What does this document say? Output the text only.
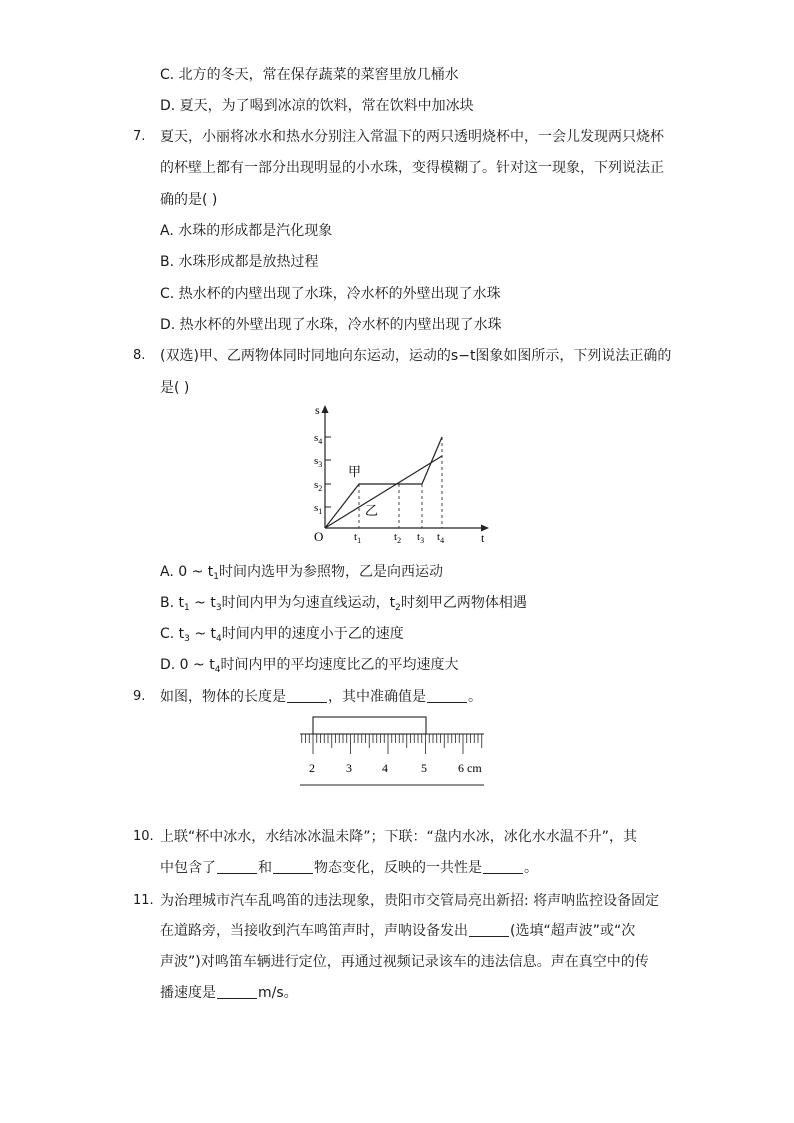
C. 北方的冬天，常在保存蔬菜的菜窖里放几桶水
D. 夏天，为了喝到冰凉的饮料，常在饮料中加冰块
7. 夏天，小丽将冰水和热水分别注入常温下的两只透明烧杯中，一会儿发现两只烧杯
的杯壁上都有一部分出现明显的小水珠，变得模糊了。针对这一现象，下列说法正
确的是( )
A. 水珠的形成都是汽化现象
B. 水珠形成都是放热过程
C. 热水杯的内壁出现了水珠，冷水杯的外壁出现了水珠
D. 热水杯的外壁出现了水珠，冷水杯的内壁出现了水珠
8. (双选)甲、乙两物体同时同地向东运动，运动的s−t图象如图所示，下列说法正确的
是( )
s
t
O
$s_1$
$s_2$
$s_3$
$s_4$
甲
乙
$t_1$	$t_2$ $t_3$ $t_4$
A. 0 ~ $t_1$时间内选甲为参照物，乙是向西运动
B. $t_1$ ~ $t_3$时间内甲为匀速直线运动，$t_2$时刻甲乙两物体相遇
C. $t_3$ ~ $t_4$时间内甲的速度小于乙的速度
D. 0 ~ $t_4$时间内甲的平均速度比乙的平均速度大
9. 如图，物体的长度是	，其中准确值是	。
2	3	4	5	6 cm
10. 上联“杯中冰水，水结冰冰温未降”；下联：“盘内水冰，冰化水水温不升”，其
中包含了	和	物态变化，反映的一共性是	。
11. 为治理城市汽车乱鸣笛的违法现象，贵阳市交管局亮出新招: 将声呐监控设备固定
在道路旁，当接收到汽车鸣笛声时，声呐设备发出	(选填“超声波”或“次
声波”)对鸣笛车辆进行定位，再通过视频记录该车的违法信息。声在真空中的传
播速度是	m/s。
